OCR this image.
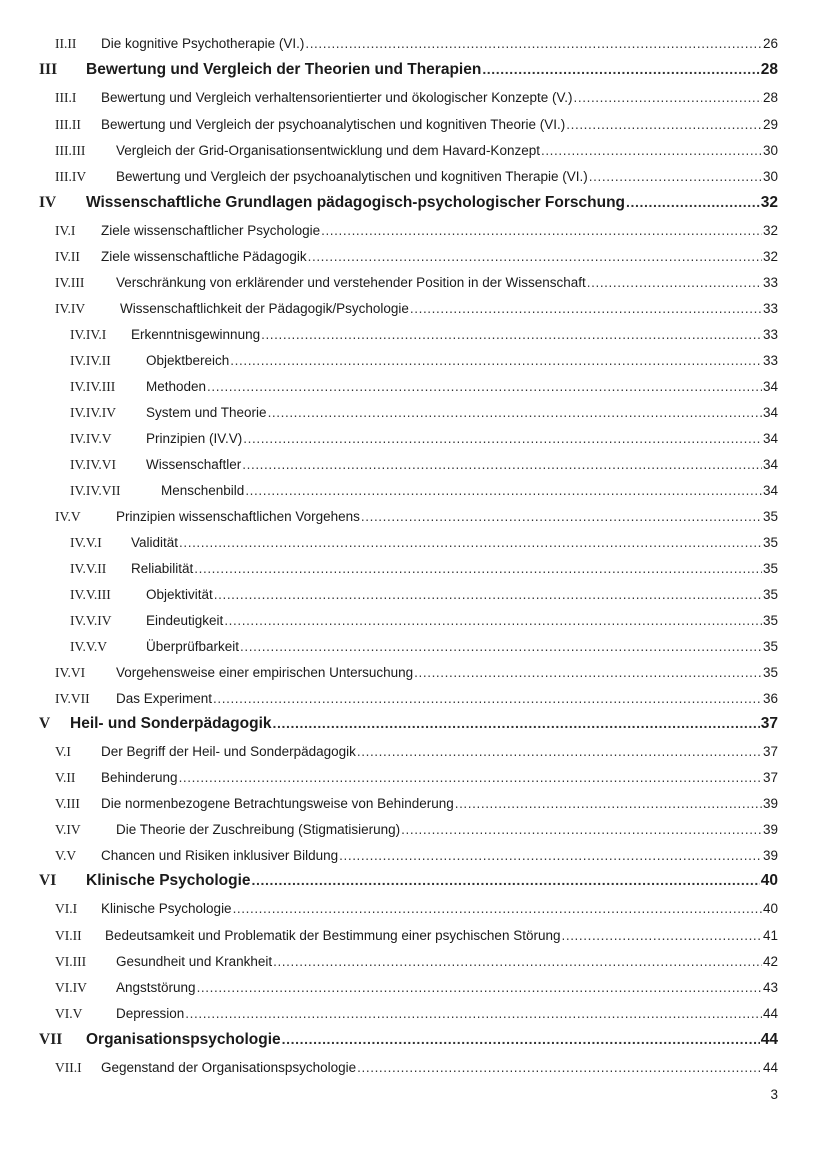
II.II	Die kognitive Psychotherapie (VI.) .....	26
III	Bewertung und Vergleich der Theorien und Therapien .....	28
III.I	Bewertung und Vergleich verhaltensorientierter und ökologischer Konzepte (V.) .....	28
III.II	Bewertung und Vergleich der psychoanalytischen und kognitiven Theorie (VI.) .....	29
III.III	Vergleich der Grid-Organisationsentwicklung und dem Havard-Konzept .....	30
III.IV	Bewertung und Vergleich der psychoanalytischen und kognitiven Therapie (VI.) .....	30
IV	Wissenschaftliche Grundlagen pädagogisch-psychologischer Forschung .....	32
IV.I	Ziele wissenschaftlicher Psychologie .....	32
IV.II	Ziele wissenschaftliche Pädagogik .....	32
IV.III	Verschränkung von erklärender und verstehender Position in der Wissenschaft .....	33
IV.IV	Wissenschaftlichkeit der Pädagogik/Psychologie .....	33
IV.IV.I	Erkenntnisgewinnung .....	33
IV.IV.II	Objektbereich .....	33
IV.IV.III	Methoden .....	34
IV.IV.IV	System und Theorie .....	34
IV.IV.V	Prinzipien (IV.V) .....	34
IV.IV.VI	Wissenschaftler .....	34
IV.IV.VII	Menschenbild .....	34
IV.V	Prinzipien wissenschaftlichen Vorgehens .....	35
IV.V.I	Validität .....	35
IV.V.II	Reliabilität .....	35
IV.V.III	Objektivität .....	35
IV.V.IV	Eindeutigkeit .....	35
IV.V.V	Überprüfbarkeit .....	35
IV.VI	Vorgehensweise einer empirischen Untersuchung .....	35
IV.VII	Das Experiment .....	36
V	Heil- und Sonderpädagogik .....	37
V.I	Der Begriff der Heil- und Sonderpädagogik .....	37
V.II	Behinderung .....	37
V.III	Die normenbezogene Betrachtungsweise von Behinderung .....	39
V.IV	Die Theorie der Zuschreibung (Stigmatisierung) .....	39
V.V	Chancen und Risiken inklusiver Bildung .....	39
VI	Klinische Psychologie .....	40
VI.I	Klinische Psychologie .....	40
VI.II	Bedeutsamkeit und Problematik der Bestimmung einer psychischen Störung .....	41
VI.III	Gesundheit und Krankheit .....	42
VI.IV	Angststörung .....	43
VI.V	Depression .....	44
VII	Organisationspsychologie .....	44
VII.I	Gegenstand der Organisationspsychologie .....	44
3
